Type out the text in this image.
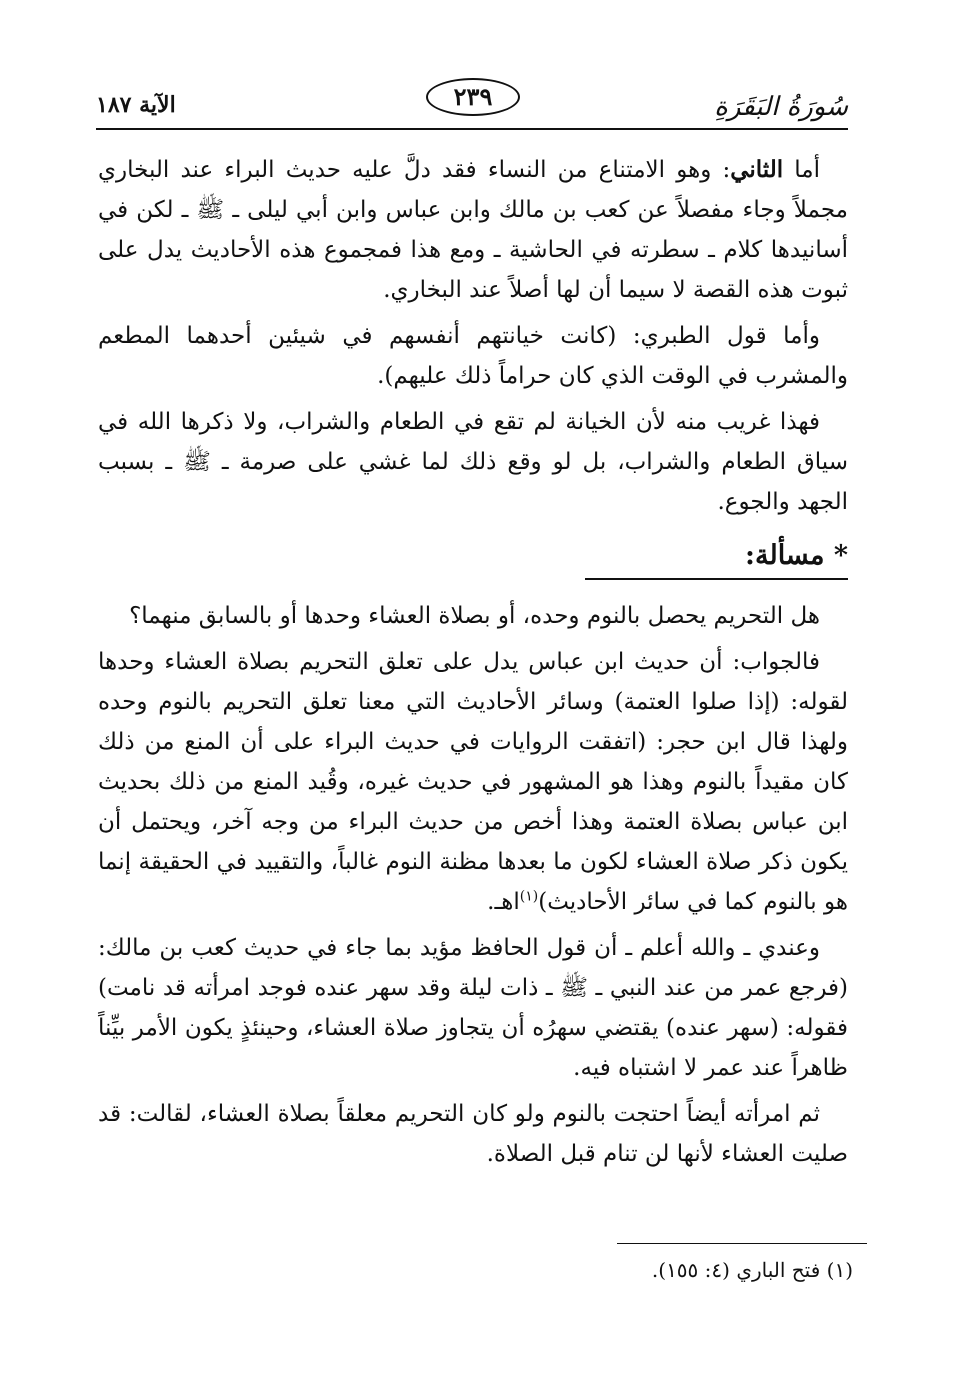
سُورَةُ البَقَرَةِ
٢٣٩
الآية ١٨٧

أما الثاني: وهو الامتناع من النساء فقد دلَّ عليه حديث البراء عند البخاري مجملاً وجاء مفصلاً عن كعب بن مالك وابن عباس وابن أبي ليلى ـ ﷺ ـ لكن في أسانيدها كلام ـ سطرته في الحاشية ـ ومع هذا فمجموع هذه الأحاديث يدل على ثبوت هذه القصة لا سيما أن لها أصلاً عند البخاري.

وأما قول الطبري: (كانت خيانتهم أنفسهم في شيئين أحدهما المطعم والمشرب في الوقت الذي كان حراماً ذلك عليهم).

فهذا غريب منه لأن الخيانة لم تقع في الطعام والشراب، ولا ذكرها الله في سياق الطعام والشراب، بل لو وقع ذلك لما غشي على صرمة ـ ﷺ ـ بسبب الجهد والجوع.

* مسألة:

هل التحريم يحصل بالنوم وحده، أو بصلاة العشاء وحدها أو بالسابق منهما؟

فالجواب: أن حديث ابن عباس يدل على تعلق التحريم بصلاة العشاء وحدها لقوله: (إذا صلوا العتمة) وسائر الأحاديث التي معنا تعلق التحريم بالنوم وحده ولهذا قال ابن حجر: (اتفقت الروايات في حديث البراء على أن المنع من ذلك كان مقيداً بالنوم وهذا هو المشهور في حديث غيره، وقُيد المنع من ذلك بحديث ابن عباس بصلاة العتمة وهذا أخص من حديث البراء من وجه آخر، ويحتمل أن يكون ذكر صلاة العشاء لكون ما بعدها مظنة النوم غالباً، والتقييد في الحقيقة إنما هو بالنوم كما في سائر الأحاديث)$^{(١)}$اهـ.

وعندي ـ والله أعلم ـ أن قول الحافظ مؤيد بما جاء في حديث كعب بن مالك: (فرجع عمر من عند النبي ـ ﷺ ـ ذات ليلة وقد سهر عنده فوجد امرأته قد نامت) فقوله: (سهر عنده) يقتضي سهرُه أن يتجاوز صلاة العشاء، وحينئذٍ يكون الأمر بيِّناً ظاهراً عند عمر لا اشتباه فيه.

ثم امرأته أيضاً احتجت بالنوم ولو كان التحريم معلقاً بصلاة العشاء، لقالت: قد صليت العشاء لأنها لن تنام قبل الصلاة.

(١) فتح الباري (٤: ١٥٥).
